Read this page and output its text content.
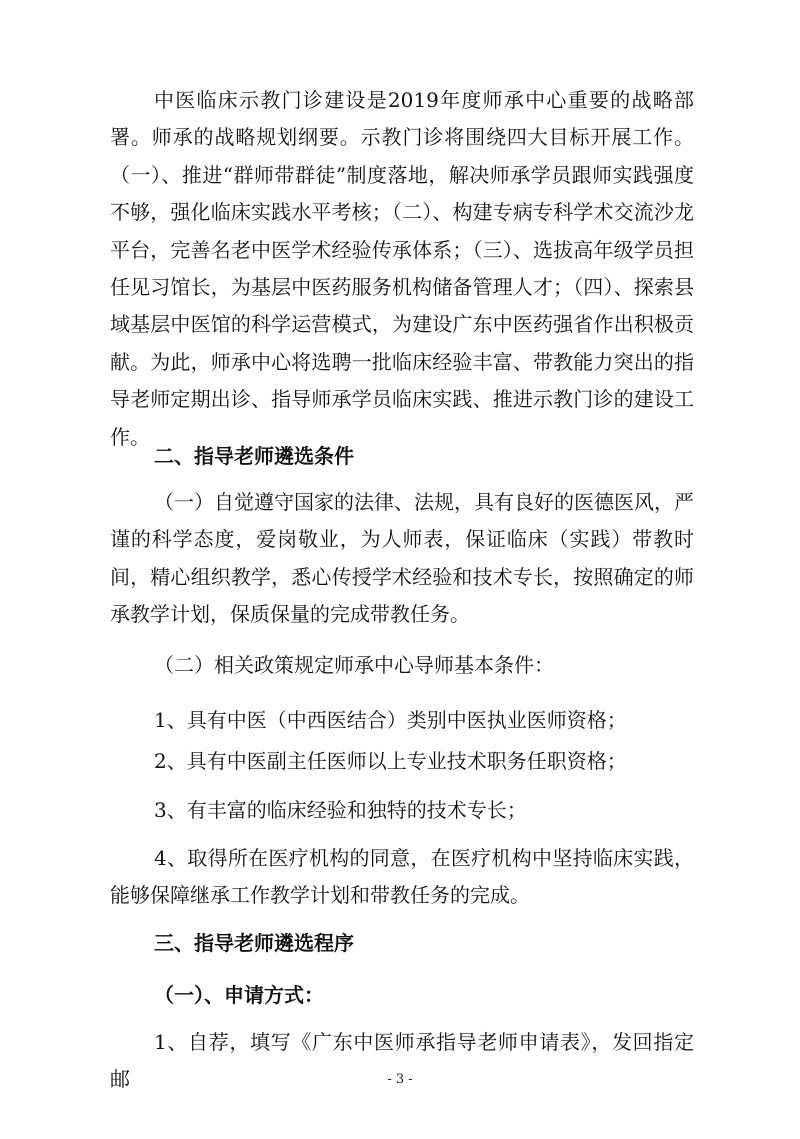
中医临床示教门诊建设是2019年度师承中心重要的战略部署。师承的战略规划纲要。示教门诊将围绕四大目标开展工作。（一）、推进“群师带群徒”制度落地，解决师承学员跟师实践强度不够，强化临床实践水平考核；（二）、构建专病专科学术交流沙龙平台，完善名老中医学术经验传承体系；（三）、选拔高年级学员担任见习馆长，为基层中医药服务机构储备管理人才；（四）、探索县域基层中医馆的科学运营模式，为建设广东中医药强省作出积极贡献。为此，师承中心将选聘一批临床经验丰富、带教能力突出的指导老师定期出诊、指导师承学员临床实践、推进示教门诊的建设工作。
二、指导老师遴选条件
（一）自觉遵守国家的法律、法规，具有良好的医德医风，严谨的科学态度，爱岗敬业，为人师表，保证临床（实践）带教时间，精心组织教学，悉心传授学术经验和技术专长，按照确定的师承教学计划，保质保量的完成带教任务。
（二）相关政策规定师承中心导师基本条件：
1、具有中医（中西医结合）类别中医执业医师资格；
2、具有中医副主任医师以上专业技术职务任职资格；
3、有丰富的临床经验和独特的技术专长；
4、取得所在医疗机构的同意，在医疗机构中坚持临床实践，能够保障继承工作教学计划和带教任务的完成。
三、指导老师遴选程序
（一）、申请方式：
1、自荐，填写《广东中医师承指导老师申请表》，发回指定邮	- 3 -
